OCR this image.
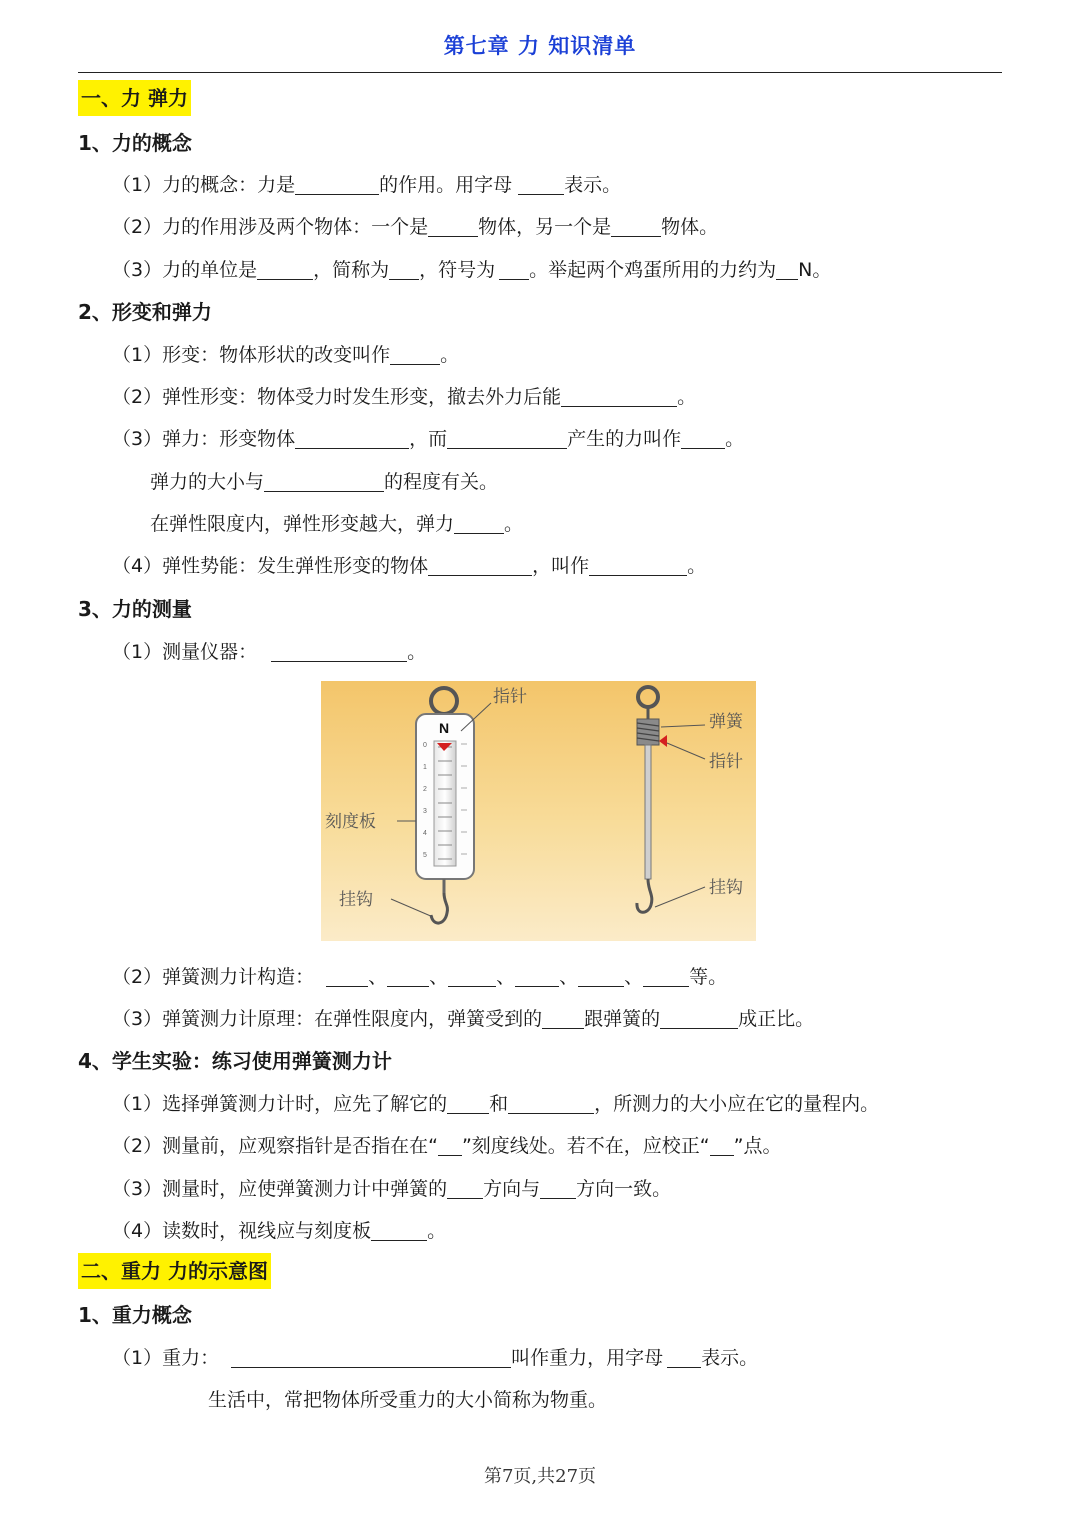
第七章 力 知识清单
一、力 弹力
1、力的概念
（1）力的概念：力是	的作用。用字母	表示。
（2）力的作用涉及两个物体：一个是	物体，另一个是	物体。
（3）力的单位是	，简称为 ，符号为 。举起两个鸡蛋所用的力约为 N。
2、形变和弹力
（1）形变：物体形状的改变叫作	。
（2）弹性形变：物体受力时发生形变，撤去外力后能	。
（3）弹力：形变物体	，而	产生的力叫作 。
弹力的大小与	的程度有关。
在弹性限度内，弹性形变越大，弹力	。
（4）弹性势能：发生弹性形变的物体	，叫作	。
3、力的测量
（1）测量仪器：	。
N
0
1
2
3
4
5
指针
刻度板
挂钩
弹簧
指针
挂钩
（2）弹簧测力计构造：	、 、	、 、 、 等。
（3）弹簧测力计原理：在弹性限度内，弹簧受到的 跟弹簧的	成正比。
4、学生实验：练习使用弹簧测力计
（1）选择弹簧测力计时，应先了解它的 和	，所测力的大小应在它的量程内。
（2）测量前，应观察指针是否指在在“ ”刻度线处。若不在，应校正“ ”点。
（3）测量时，应使弹簧测力计中弹簧的 方向与 方向一致。
（4）读数时，视线应与刻度板	。
二、重力 力的示意图
1、重力概念
（1）重力：	叫作重力，用字母 表示。
生活中，常把物体所受重力的大小简称为物重。
第7页,共27页
